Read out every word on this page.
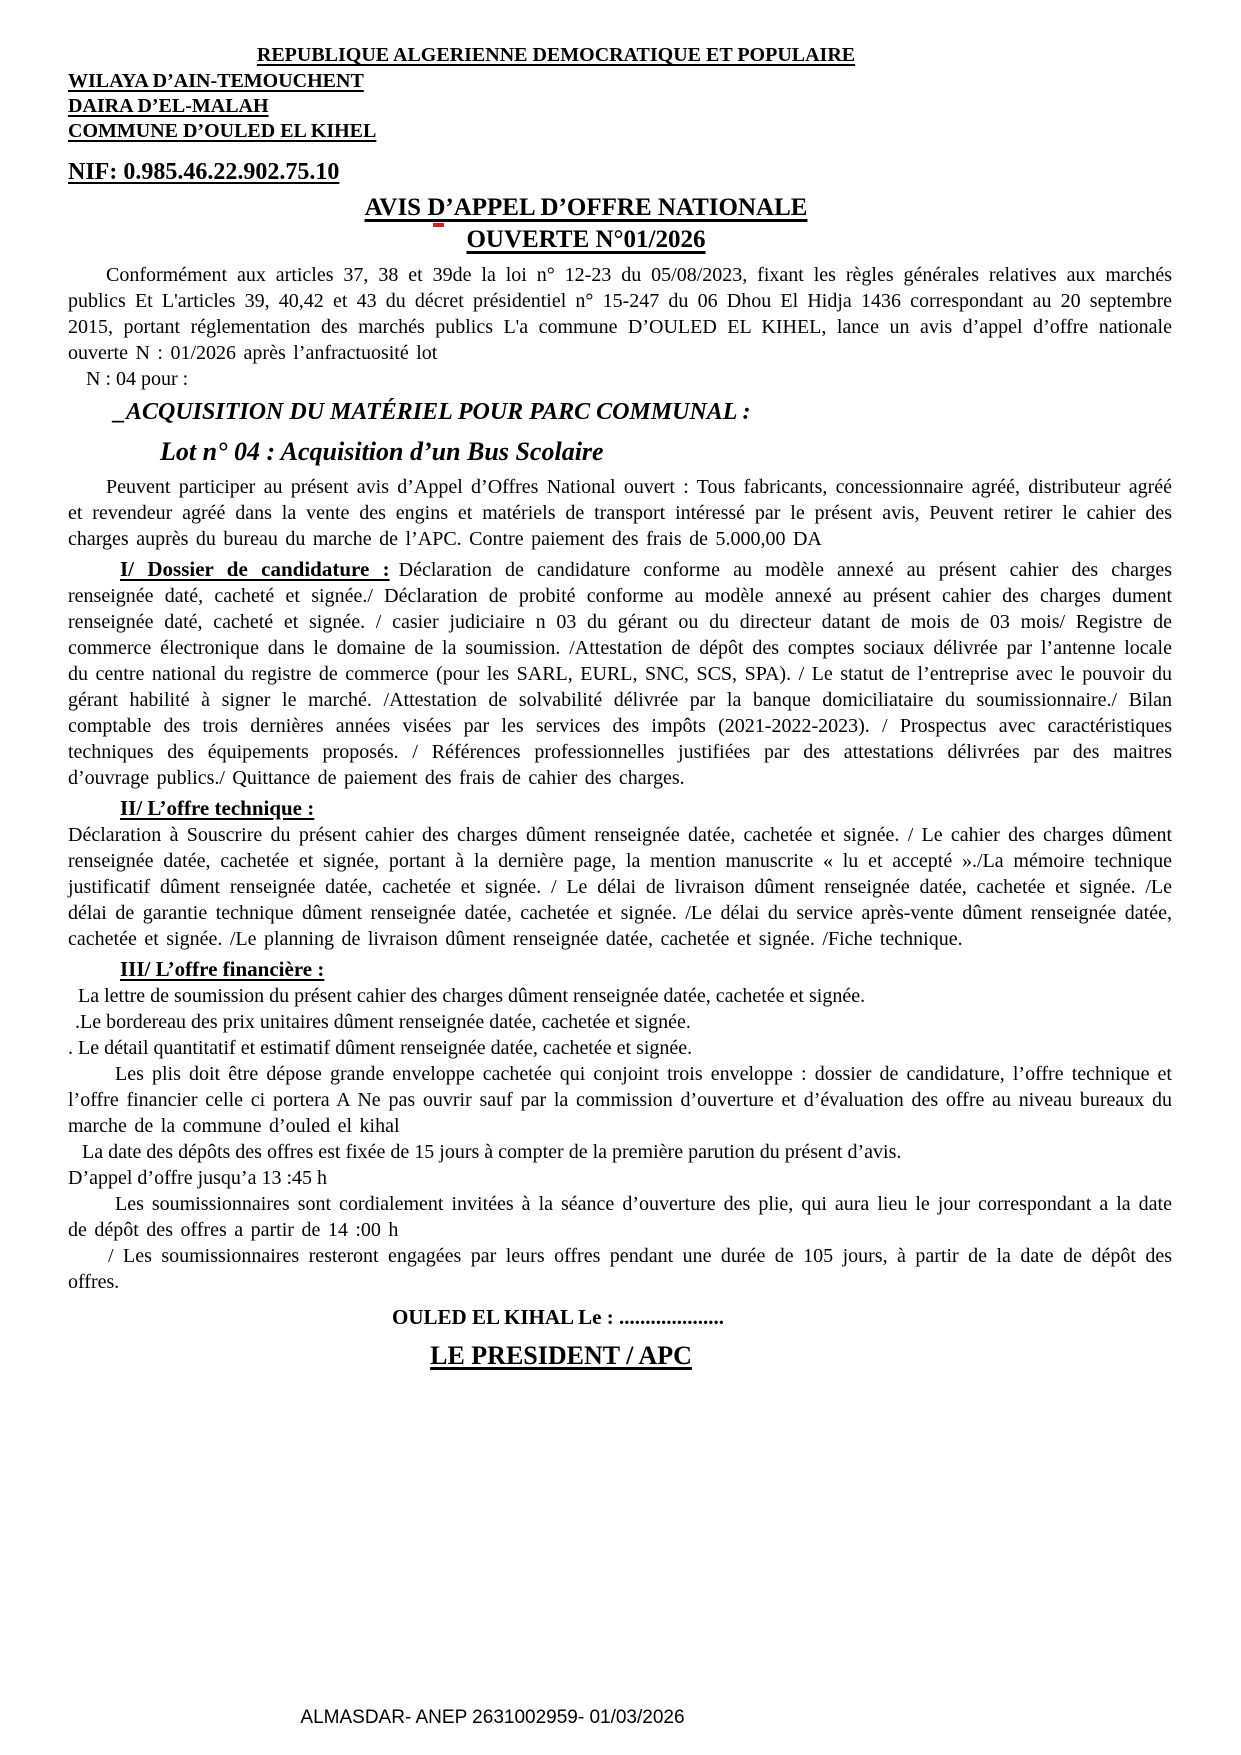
REPUBLIQUE ALGERIENNE DEMOCRATIQUE ET POPULAIRE
WILAYA D’AIN-TEMOUCHENT
DAIRA D’EL-MALAH
COMMUNE D’OULED EL KIHEL
NIF: 0.985.46.22.902.75.10
AVIS D’APPEL D’OFFRE NATIONALE
OUVERTE N°01/2026

Conformément aux articles 37, 38 et 39de la loi n° 12-23 du 05/08/2023, fixant les règles générales relatives aux marchés publics Et L'articles 39, 40,42 et 43 du décret présidentiel n° 15-247 du 06 Dhou El Hidja 1436 correspondant au 20 septembre 2015, portant réglementation des marchés publics L'a commune D’OULED EL KIHEL, lance un avis d’appel d’offre nationale ouverte N : 01/2026 après l’anfractuosité lot

N : 04 pour :
_ACQUISITION DU MATÉRIEL POUR PARC COMMUNAL :
Lot n° 04 : Acquisition d’un Bus Scolaire

Peuvent participer au présent avis d’Appel d’Offres National ouvert : Tous fabricants, concessionnaire agréé, distributeur agréé et revendeur agréé dans la vente des engins et matériels de transport intéressé par le présent avis, Peuvent retirer le cahier des charges auprès du bureau du marche de l’APC. Contre paiement des frais de 5.000,00 DA

I/ Dossier de candidature : Déclaration de candidature conforme au modèle annexé au présent cahier des charges renseignée daté, cacheté et signée./ Déclaration de probité conforme au modèle annexé au présent cahier des charges dument renseignée daté, cacheté et signée. / casier judiciaire n 03 du gérant ou du directeur datant de mois de 03 mois/ Registre de commerce électronique dans le domaine de la soumission. /Attestation de dépôt des comptes sociaux délivrée par l’antenne locale du centre national du registre de commerce (pour les SARL, EURL, SNC, SCS, SPA). / Le statut de l’entreprise avec le pouvoir du gérant habilité à signer le marché. /Attestation de solvabilité délivrée par la banque domiciliataire du soumissionnaire./ Bilan comptable des trois dernières années visées par les services des impôts (2021-2022-2023). / Prospectus avec caractéristiques techniques des équipements proposés. / Références professionnelles justifiées par des attestations délivrées par des maitres d’ouvrage publics./ Quittance de paiement des frais de cahier des charges.

II/ L’offre technique :

Déclaration à Souscrire du présent cahier des charges dûment renseignée datée, cachetée et signée. / Le cahier des charges dûment renseignée datée, cachetée et signée, portant à la dernière page, la mention manuscrite « lu et accepté »./La mémoire technique justificatif dûment renseignée datée, cachetée et signée. / Le délai de livraison dûment renseignée datée, cachetée et signée. /Le délai de garantie technique dûment renseignée datée, cachetée et signée. /Le délai du service après-vente dûment renseignée datée, cachetée et signée. /Le planning de livraison dûment renseignée datée, cachetée et signée. /Fiche technique.

III/ L’offre financière :
La lettre de soumission du présent cahier des charges dûment renseignée datée, cachetée et signée.
.Le bordereau des prix unitaires dûment renseignée datée, cachetée et signée.
. Le détail quantitatif et estimatif dûment renseignée datée, cachetée et signée.

Les plis doit être dépose grande enveloppe cachetée qui conjoint trois enveloppe : dossier de candidature, l’offre technique et l’offre financier celle ci portera A Ne pas ouvrir sauf par la commission d’ouverture et d’évaluation des offre au niveau bureaux du marche de la commune d’ouled el kihal

La date des dépôts des offres est fixée de 15 jours à compter de la première parution du présent d’avis.

D’appel d’offre jusqu’a 13 :45 h

Les soumissionnaires sont cordialement invitées à la séance d’ouverture des plie, qui aura lieu le jour correspondant a la date de dépôt des offres a partir de 14 :00 h

/ Les soumissionnaires resteront engagées par leurs offres pendant une durée de 105 jours, à partir de la date de dépôt des offres.

OULED EL KIHAL Le : ....................
LE PRESIDENT / APC
ALMASDAR- ANEP 2631002959- 01/03/2026
